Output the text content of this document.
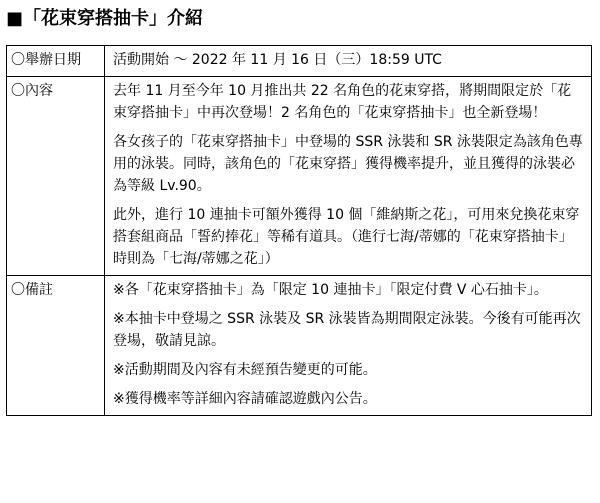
■「花束穿搭抽卡」介紹
〇舉辦日期	活動開始 ～ 2022 年 11 月 16 日（三）18:59 UTC
〇內容	去年 11 月至今年 10 月推出共 22 名角色的花束穿搭，將期間限定於「花束穿搭抽卡」中再次登場！2 名角色的「花束穿搭抽卡」也全新登場！

各女孩子的「花束穿搭抽卡」中登場的 SSR 泳裝和 SR 泳裝限定為該角色專用的泳裝。同時，該角色的「花束穿搭」獲得機率提升，並且獲得的泳裝必為等級 Lv.90。

此外，進行 10 連抽卡可額外獲得 10 個「維納斯之花」，可用來兌換花束穿搭套組商品「誓約捧花」等稀有道具。（進行七海/蒂娜的「花束穿搭抽卡」時則為「七海/蒂娜之花」）

〇備註	※各「花束穿搭抽卡」為「限定 10 連抽卡」「限定付費 V 心石抽卡」。

※本抽卡中登場之 SSR 泳裝及 SR 泳裝皆為期間限定泳裝。今後有可能再次登場，敬請見諒。

※活動期間及內容有未經預告變更的可能。

※獲得機率等詳細內容請確認遊戲內公告。
